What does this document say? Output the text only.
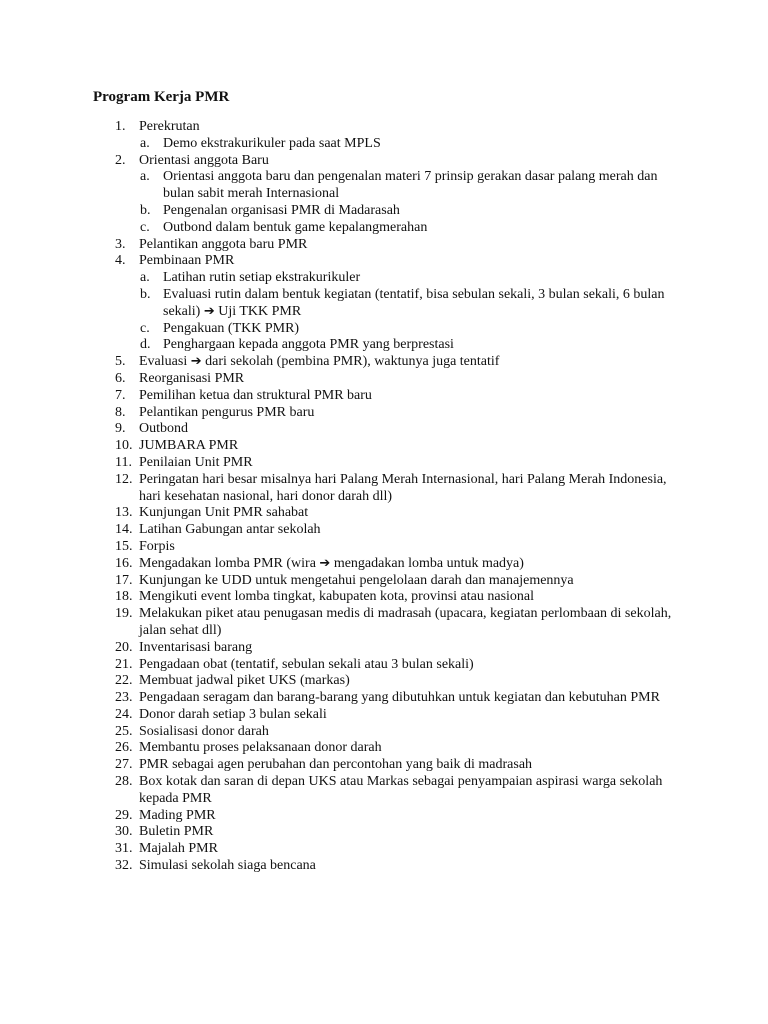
Program Kerja PMR
1. Perekrutan
a. Demo ekstrakurikuler pada saat MPLS
2. Orientasi anggota Baru
a. Orientasi anggota baru dan pengenalan materi 7 prinsip gerakan dasar palang merah dan bulan sabit merah Internasional
b. Pengenalan organisasi PMR di Madarasah
c. Outbond dalam bentuk game kepalangmerahan
3. Pelantikan anggota baru PMR
4. Pembinaan PMR
a. Latihan rutin setiap ekstrakurikuler
b. Evaluasi rutin dalam bentuk kegiatan (tentatif, bisa sebulan sekali, 3 bulan sekali, 6 bulan sekali) ➔ Uji TKK PMR
c. Pengakuan (TKK PMR)
d. Penghargaan kepada anggota PMR yang berprestasi
5. Evaluasi ➔ dari sekolah (pembina PMR), waktunya juga tentatif
6. Reorganisasi PMR
7. Pemilihan ketua dan struktural PMR baru
8. Pelantikan pengurus PMR baru
9. Outbond
10. JUMBARA PMR
11. Penilaian Unit PMR
12. Peringatan hari besar misalnya hari Palang Merah Internasional, hari Palang Merah Indonesia, hari kesehatan nasional, hari donor darah dll)
13. Kunjungan Unit PMR sahabat
14. Latihan Gabungan antar sekolah
15. Forpis
16. Mengadakan lomba PMR (wira ➔ mengadakan lomba untuk madya)
17. Kunjungan ke UDD untuk mengetahui pengelolaan darah dan manajemennya
18. Mengikuti event lomba tingkat, kabupaten kota, provinsi atau nasional
19. Melakukan piket atau penugasan medis di madrasah (upacara, kegiatan perlombaan di sekolah, jalan sehat dll)
20. Inventarisasi barang
21. Pengadaan obat (tentatif, sebulan sekali atau 3 bulan sekali)
22. Membuat jadwal piket UKS (markas)
23. Pengadaan seragam dan barang-barang yang dibutuhkan untuk kegiatan dan kebutuhan PMR
24. Donor darah setiap 3 bulan sekali
25. Sosialisasi donor darah
26. Membantu proses pelaksanaan donor darah
27. PMR sebagai agen perubahan dan percontohan yang baik di madrasah
28. Box kotak dan saran di depan UKS atau Markas sebagai penyampaian aspirasi warga sekolah kepada PMR
29. Mading PMR
30. Buletin PMR
31. Majalah PMR
32. Simulasi sekolah siaga bencana
